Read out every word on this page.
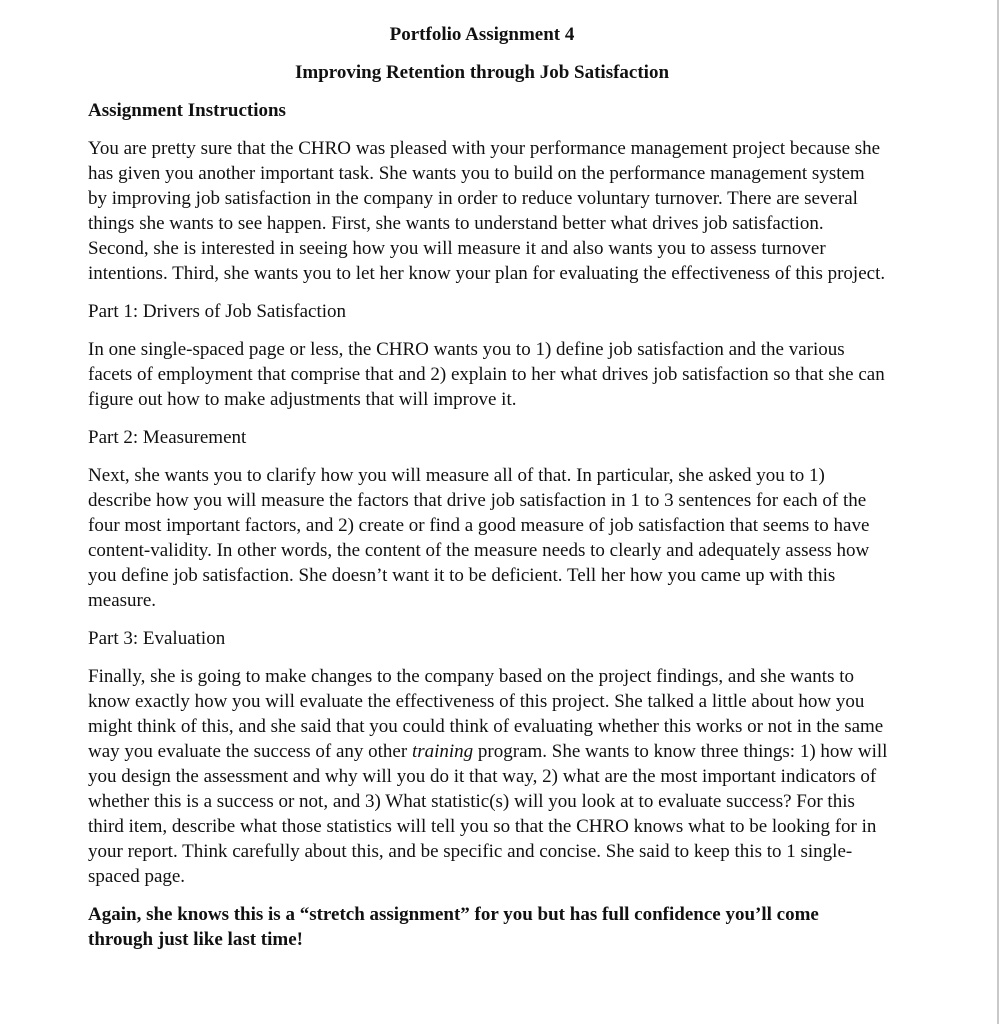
Portfolio Assignment 4
Improving Retention through Job Satisfaction
Assignment Instructions

You are pretty sure that the CHRO was pleased with your performance management project because she has given you another important task. She wants you to build on the performance management system by improving job satisfaction in the company in order to reduce voluntary turnover. There are several things she wants to see happen. First, she wants to understand better what drives job satisfaction. Second, she is interested in seeing how you will measure it and also wants you to assess turnover intentions. Third, she wants you to let her know your plan for evaluating the effectiveness of this project.

Part 1: Drivers of Job Satisfaction

In one single-spaced page or less, the CHRO wants you to 1) define job satisfaction and the various facets of employment that comprise that and 2) explain to her what drives job satisfaction so that she can figure out how to make adjustments that will improve it.

Part 2: Measurement

Next, she wants you to clarify how you will measure all of that. In particular, she asked you to 1) describe how you will measure the factors that drive job satisfaction in 1 to 3 sentences for each of the four most important factors, and 2) create or find a good measure of job satisfaction that seems to have content-validity. In other words, the content of the measure needs to clearly and adequately assess how you define job satisfaction. She doesn’t want it to be deficient. Tell her how you came up with this measure.

Part 3: Evaluation

Finally, she is going to make changes to the company based on the project findings, and she wants to know exactly how you will evaluate the effectiveness of this project. She talked a little about how you might think of this, and she said that you could think of evaluating whether this works or not in the same way you evaluate the success of any other training program. She wants to know three things: 1) how will you design the assessment and why will you do it that way, 2) what are the most important indicators of whether this is a success or not, and 3) What statistic(s) will you look at to evaluate success? For this third item, describe what those statistics will tell you so that the CHRO knows what to be looking for in your report. Think carefully about this, and be specific and concise. She said to keep this to 1 single-spaced page.

Again, she knows this is a “stretch assignment” for you but has full confidence you’ll come through just like last time!
